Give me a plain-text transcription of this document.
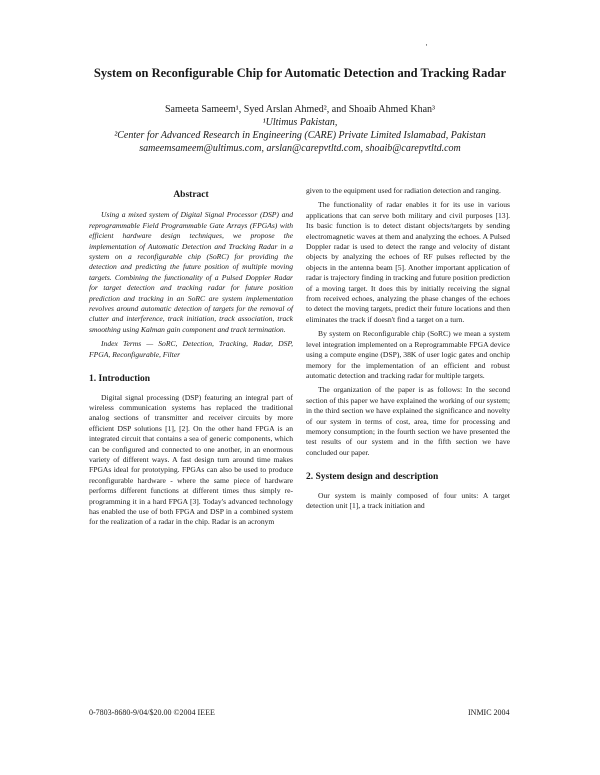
·
System on Reconfigurable Chip for Automatic Detection and Tracking Radar
Sameeta Sameem¹, Syed Arslan Ahmed², and Shoaib Ahmed Khan³
¹Ultimus Pakistan,
²Center for Advanced Research in Engineering (CARE) Private Limited Islamabad, Pakistan
sameemsameem@ultimus.com, arslan@carepvtltd.com, shoaib@carepvtltd.com
Abstract

Using a mixed system of Digital Signal Processor (DSP) and reprogrammable Field Programmable Gate Arrays (FPGAs) with efficient hardware design techniques, we propose the implementation of Automatic Detection and Tracking Radar in a system on a reconfigurable chip (SoRC) for providing the detection and predicting the future position of multiple moving targets. Combining the functionality of a Pulsed Doppler Radar for target detection and tracking radar for future position prediction and tracking in an SoRC are system implementation revolves around automatic detection of targets for the removal of clutter and interference, track initiation, track association, track smoothing using Kalman gain component and track termination.

Index Terms — SoRC, Detection, Tracking, Radar, DSP, FPGA, Reconfigurable, Filter

1. Introduction

Digital signal processing (DSP) featuring an integral part of wireless communication systems has replaced the traditional analog sections of transmitter and receiver circuits by more efficient DSP solutions [1], [2]. On the other hand FPGA is an integrated circuit that contains a sea of generic components, which can be configured and connected to one another, in an enormous variety of different ways. A fast design turn around time makes FPGAs ideal for prototyping. FPGAs can also be used to produce reconfigurable hardware - where the same piece of hardware performs different functions at different times thus simply re-programming it in a hard FPGA [3]. Today's advanced technology has enabled the use of both FPGA and DSP in a combined system for the realization of a radar in the chip. Radar is an acronym

given to the equipment used for radiation detection and ranging.

The functionality of radar enables it for its use in various applications that can serve both military and civil purposes [13]. Its basic function is to detect distant objects/targets by sending electromagnetic waves at them and analyzing the echoes. A Pulsed Doppler radar is used to detect the range and velocity of distant objects by analyzing the echoes of RF pulses reflected by the objects in the antenna beam [5]. Another important application of radar is trajectory finding in tracking and future position prediction of a moving target. It does this by initially receiving the signal from received echoes, analyzing the phase changes of the echoes to detect the moving targets, predict their future locations and then eliminates the track if doesn't find a target on a turn.

By system on Reconfigurable chip (SoRC) we mean a system level integration implemented on a Reprogrammable FPGA device using a compute engine (DSP), 38K of user logic gates and onchip memory for the implementation of an efficient and robust automatic detection and tracking radar for multiple targets.

The organization of the paper is as follows: In the second section of this paper we have explained the working of our system; in the third section we have explained the significance and novelty of our system in terms of cost, area, time for processing and memory consumption; in the fourth section we have presented the test results of our system and in the fifth section we have concluded our paper.

2. System design and description

Our system is mainly composed of four units: A target detection unit [1], a track initiation and

0-7803-8680-9/04/$20.00 ©2004 IEEE	INMIC 2004
